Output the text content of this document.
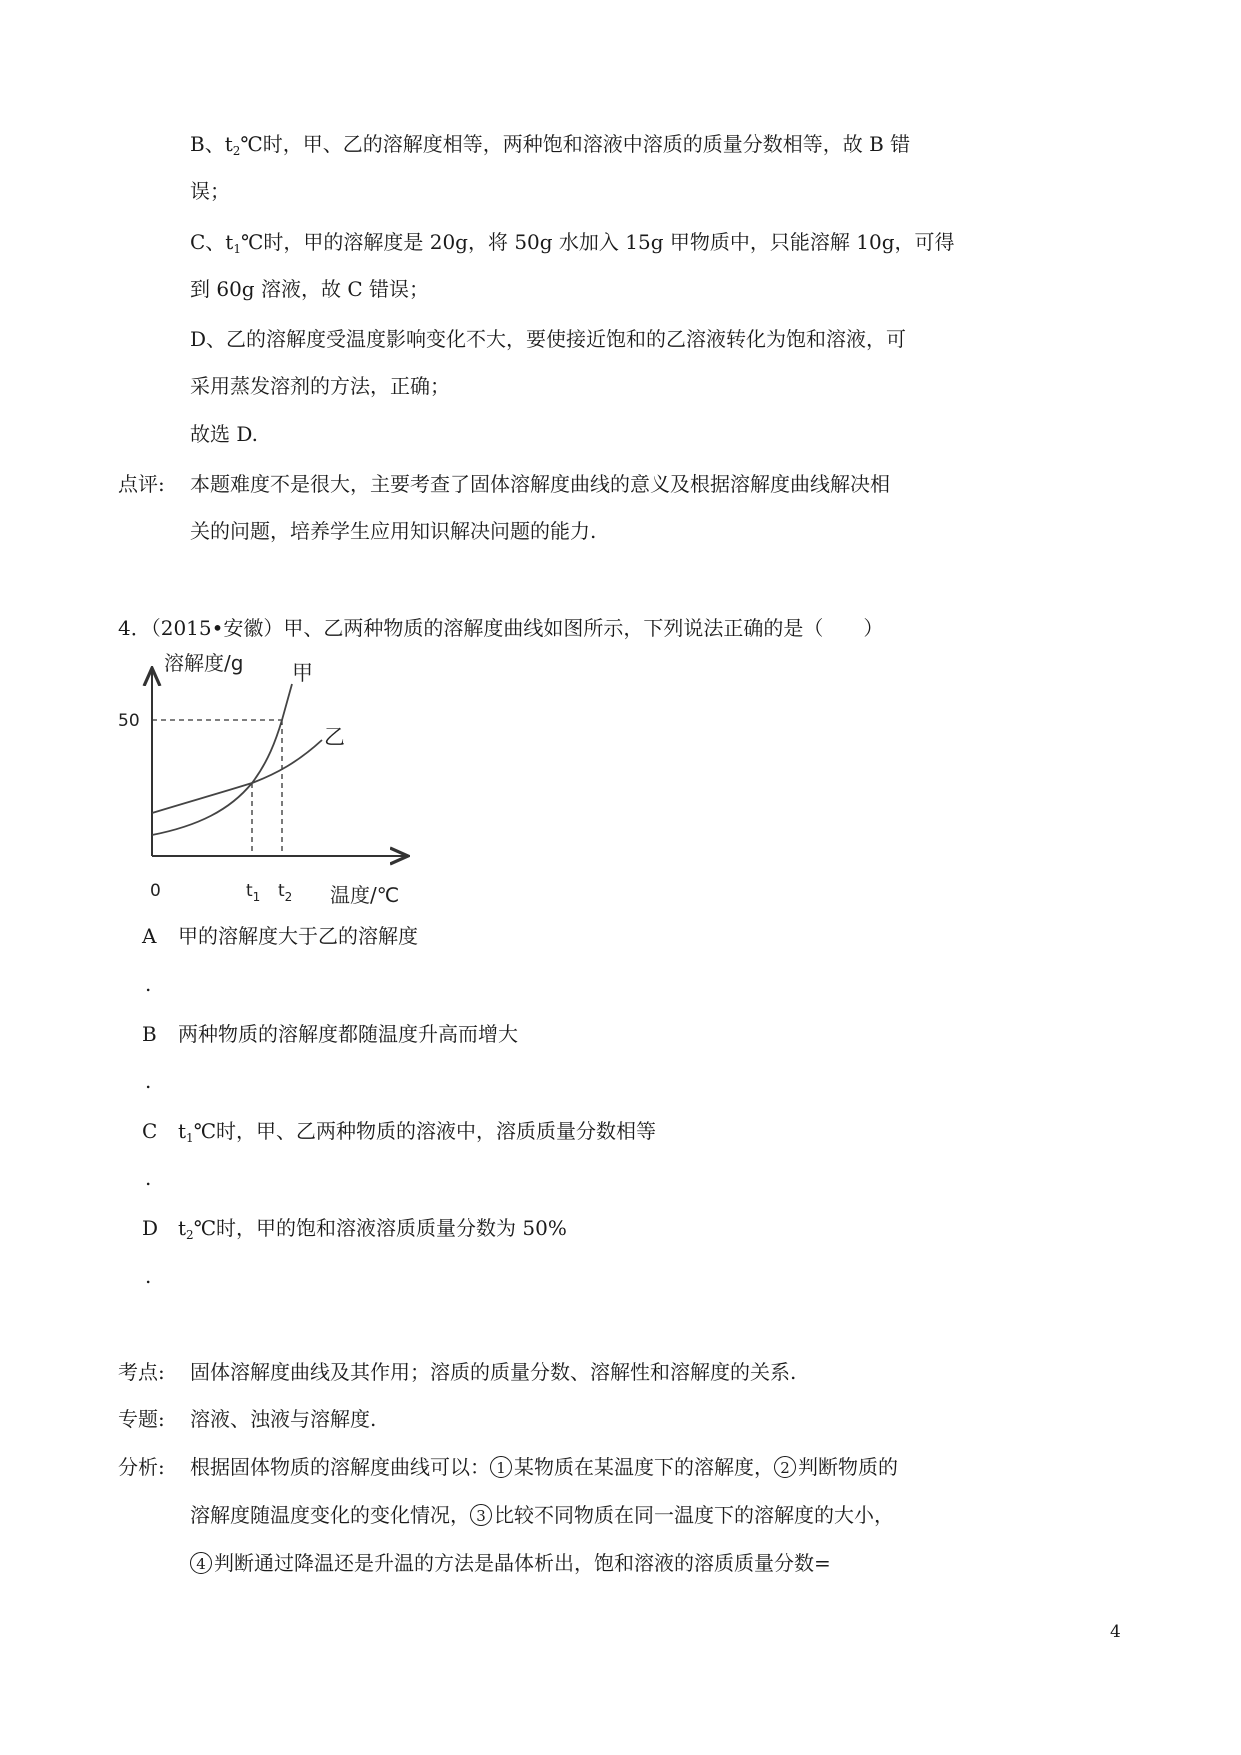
B、$t_2℃$时，甲、乙的溶解度相等，两种饱和溶液中溶质的质量分数相等，故 B 错
误；
C、$t_1℃$时，甲的溶解度是 20g，将 50g 水加入 15g 甲物质中，只能溶解 10g，可得
到 60g 溶液，故 C 错误；
D、乙的溶解度受温度影响变化不大，要使接近饱和的乙溶液转化为饱和溶液，可
采用蒸发溶剂的方法，正确；
故选 D.
点评: 本题难度不是很大，主要考查了固体溶解度曲线的意义及根据溶解度曲线解决相
关的问题，培养学生应用知识解决问题的能力.
4．（2015•安徽）甲、乙两种物质的溶解度曲线如图所示，下列说法正确的是（　　）
溶解度/g
温度/℃
0
50
$t_1$ $t_2$
甲
乙
A 甲的溶解度大于乙的溶解度
.
B 两种物质的溶解度都随温度升高而增大
.
C $t_1℃$时，甲、乙两种物质的溶液中，溶质质量分数相等
.
D $t_2℃$时，甲的饱和溶液溶质质量分数为 50%
.
考点: 固体溶解度曲线及其作用；溶质的质量分数、溶解性和溶解度的关系.
专题: 溶液、浊液与溶解度.
分析: 根据固体物质的溶解度曲线可以： 1 某物质在某温度下的溶解度， 2 判断物质的
溶解度随温度变化的变化情况， 3 比较不同物质在同一温度下的溶解度的大小，
4 判断通过降温还是升温的方法是晶体析出，饱和溶液的溶质质量分数=
4
